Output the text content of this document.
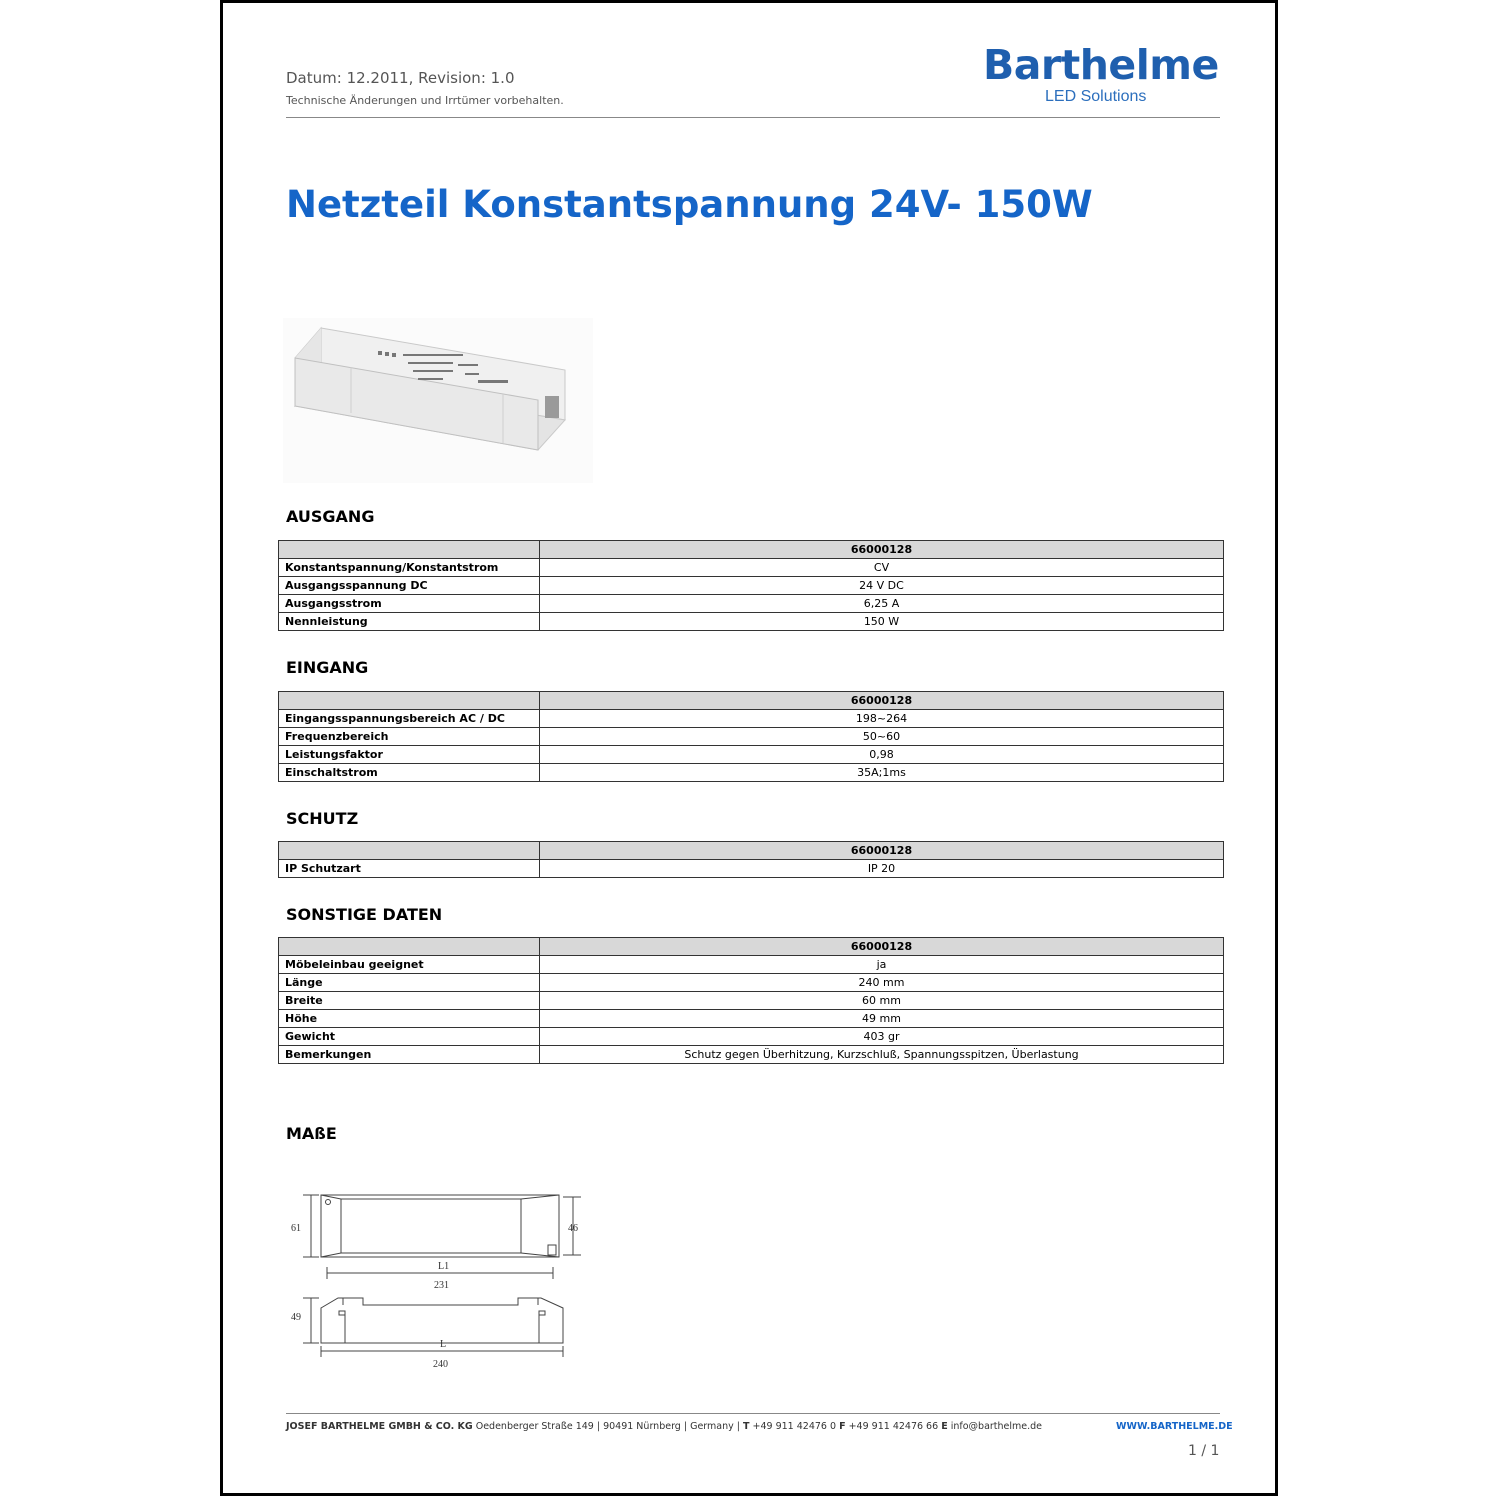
Datum: 12.2011, Revision: 1.0
Technische Änderungen und Irrtümer vorbehalten.
Barthelme
LED Solutions
Netzteil Konstantspannung 24V- 150W
AUSGANG
	66000128
Konstantspannung/Konstantstrom	CV
Ausgangsspannung DC	24 V DC
Ausgangsstrom	6,25 A
Nennleistung	150 W
EINGANG
	66000128
Eingangsspannungsbereich AC / DC	198~264
Frequenzbereich	50~60
Leistungsfaktor	0,98
Einschaltstrom	35A;1ms
SCHUTZ
	66000128
IP Schutzart	IP 20
SONSTIGE DATEN
	66000128
Möbeleinbau geeignet	ja
Länge	240 mm
Breite	60 mm
Höhe	49 mm
Gewicht	403 gr
Bemerkungen	Schutz gegen Überhitzung, Kurzschluß, Spannungsspitzen, Überlastung
MAßE
61	46
L1
231
49
L
240
JOSEF BARTHELME GMBH & CO. KG Oedenberger Straße 149 | 90491 Nürnberg | Germany | T +49 911 42476 0 F +49 911 42476 66 E info@barthelme.de	WWW.BARTHELME.DE
1 / 1
